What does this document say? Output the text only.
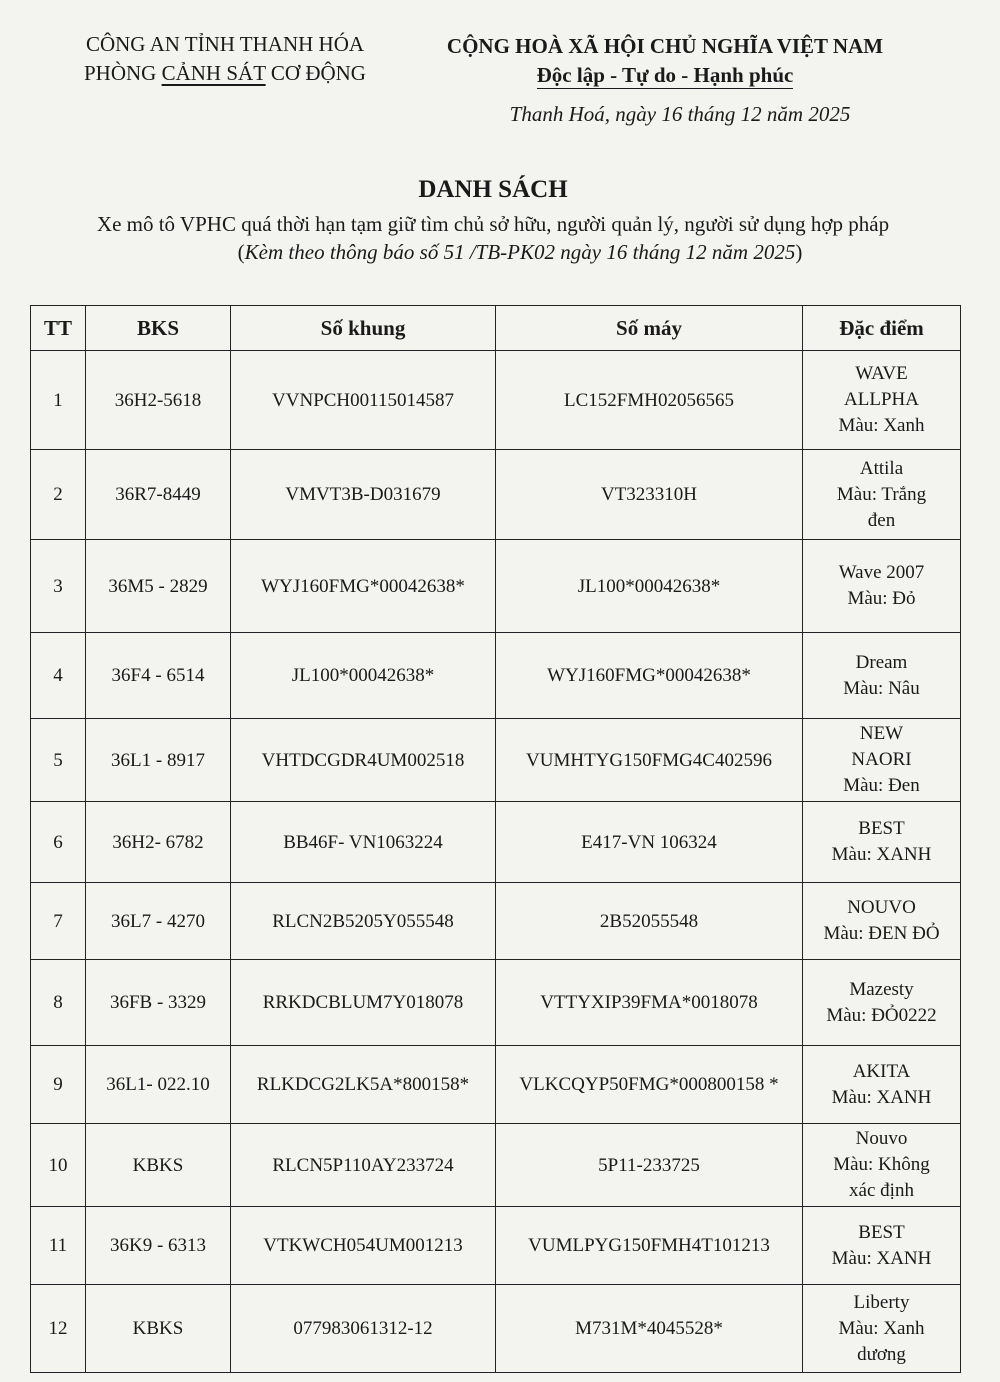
CÔNG AN TỈNH THANH HÓA
PHÒNG CẢNH SÁT CƠ ĐỘNG
CỘNG HOÀ XÃ HỘI CHỦ NGHĨA VIỆT NAM
Độc lập - Tự do - Hạnh phúc
Thanh Hoá, ngày 16 tháng 12 năm 2025
DANH SÁCH
Xe mô tô VPHC quá thời hạn tạm giữ tìm chủ sở hữu, người quản lý, người sử dụng hợp pháp
(Kèm theo thông báo số 51 /TB-PK02 ngày 16 tháng 12 năm 2025)
TT	BKS	Số khung	Số máy	Đặc điểm
1	36H2-5618	VVNPCH00115014587	LC152FMH02056565	WAVE
ALLPHA
Màu: Xanh

2	36R7-8449	VMVT3B-D031679	VT323310H	Attila
Màu: Trắng
đen

3	36M5 - 2829	WYJ160FMG*00042638*	JL100*00042638*	Wave 2007
Màu: Đỏ

4	36F4 - 6514	JL100*00042638*	WYJ160FMG*00042638*	Dream
Màu: Nâu

5	36L1 - 8917	VHTDCGDR4UM002518	VUMHTYG150FMG4C402596	NEW
NAORI
Màu: Đen

6	36H2- 6782	BB46F- VN1063224	E417-VN 106324	BEST
Màu: XANH

7	36L7 - 4270	RLCN2B5205Y055548	2B52055548	NOUVO
Màu: ĐEN ĐỎ

8	36FB - 3329	RRKDCBLUM7Y018078	VTTYXIP39FMA*0018078	Mazesty
Màu: ĐỎ0222

9	36L1- 022.10	RLKDCG2LK5A*800158*	VLKCQYP50FMG*000800158 *	AKITA
Màu: XANH

10	KBKS	RLCN5P110AY233724	5P11-233725	Nouvo
Màu: Không
xác định

11	36K9 - 6313	VTKWCH054UM001213	VUMLPYG150FMH4T101213	BEST
Màu: XANH

12	KBKS	077983061312-12	M731M*4045528*	Liberty
Màu: Xanh
dương
